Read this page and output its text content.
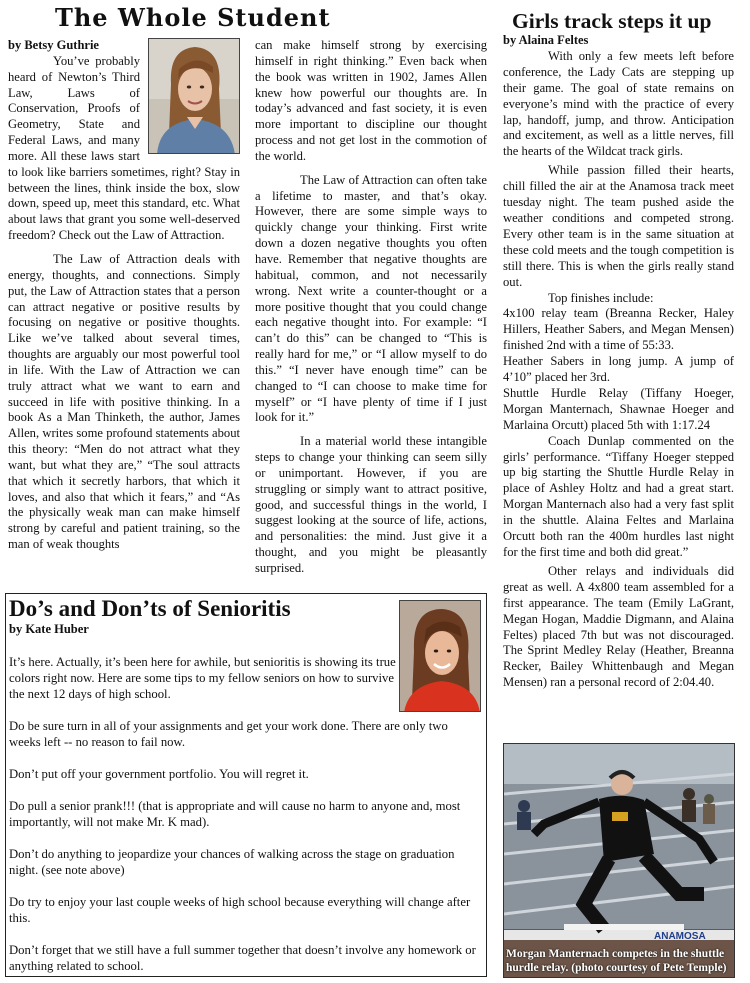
The Whole Student
by Betsy Guthrie

You’ve probably heard of Newton’s Third Law, Laws of Conservation, Proofs of Geometry, State and Federal Laws, and many more. All these laws start to look like barriers sometimes, right? Stay in between the lines, think inside the box, slow down, speed up, meet this standard, etc. What about laws that grant you some well-deserved freedom? Check out the Law of Attraction.

The Law of Attraction deals with energy, thoughts, and connections. Simply put, the Law of Attraction states that a person can attract negative or positive results by focusing on negative or positive thoughts. Like we’ve talked about several times, thoughts are arguably our most powerful tool in life. With the Law of Attraction we can truly attract what we want to earn and succeed in life with positive thinking. In a book As a Man Thinketh, the author, James Allen, writes some profound statements about this theory: “Men do not attract what they want, but what they are,” “The soul attracts that which it secretly harbors, that which it loves, and also that which it fears,” and “As the physically weak man can make himself strong by careful and patient training, so the man of weak thoughts

can make himself strong by exercising himself in right thinking.” Even back when the book was written in 1902, James Allen knew how powerful our thoughts are. In today’s advanced and fast society, it is even more important to discipline our thought process and not get lost in the commotion of the world.

The Law of Attraction can often take a lifetime to master, and that’s okay. However, there are some simple ways to quickly change your thinking. First write down a dozen negative thoughts you often have. Remember that negative thoughts are habitual, common, and not necessarily wrong. Next write a counter-thought or a more positive thought that you could change each negative thought into. For example: “I can’t do this” can be changed to “This is really hard for me,” or “I allow myself to do this.” “I never have enough time” can be changed to “I can choose to make time for myself” or “I have plenty of time if I just look for it.”

In a material world these intangible steps to change your thinking can seem silly or unimportant. However, if you are struggling or simply want to attract positive, good, and successful things in the world, I suggest looking at the source of life, actions, and personalities: the mind. Just give it a thought, and you might be pleasantly surprised.

Girls track steps it up
by Alaina Feltes

With only a few meets left before conference, the Lady Cats are stepping up their game. The goal of state remains on everyone’s mind with the practice of every lap, handoff, jump, and throw. Anticipation and excitement, as well as a little nerves, fill the hearts of the Wildcat track girls.

While passion filled their hearts, chill filled the air at the Anamosa track meet tuesday night. The team pushed aside the weather conditions and competed strong. Every other team is in the same situation at these cold meets and the tough competition is still there. This is when the girls really stand out.

Top finishes include:

4x100 relay team (Breanna Recker, Haley Hillers, Heather Sabers, and Megan Mensen) finished 2nd with a time of 55:33.

Heather Sabers in long jump. A jump of 4’10” placed her 3rd.

Shuttle Hurdle Relay (Tiffany Hoeger, Morgan Manternach, Shawnae Hoeger and Marlaina Orcutt) placed 5th with 1:17.24

Coach Dunlap commented on the girls’ performance. “Tiffany Hoeger stepped up big starting the Shuttle Hurdle Relay in place of Ashley Holtz and had a great start. Morgan Manternach also had a very fast split in the shuttle. Alaina Feltes and Marlaina Orcutt both ran the 400m hurdles last night for the first time and both did great.”

Other relays and individuals did great as well. A 4x800 team assembled for a first appearance. The team (Emily LaGrant, Megan Hogan, Maddie Digmann, and Alaina Feltes) placed 7th but was not discouraged. The Sprint Medley Relay (Heather, Breanna Recker, Bailey Whittenbaugh and Megan Mensen) ran a personal record of 2:04.40.

ANAMOSA
Morgan Manternach competes in the shuttle hurdle relay. (photo courtesy of Pete Temple)
Do’s and Don’ts of Senioritis
by Kate Huber

It’s here. Actually, it’s been here for awhile, but senioritis is showing its true colors right now. Here are some tips to my fellow seniors on how to survive the next 12 days of high school.

Do be sure turn in all of your assignments and get your work done. There are only two weeks left -- no reason to fail now.

Don’t put off your government portfolio. You will regret it.

Do pull a senior prank!!! (that is appropriate and will cause no harm to anyone and, most importantly, will not make Mr. K mad).

Don’t do anything to jeopardize your chances of walking across the stage on graduation night. (see note above)

Do try to enjoy your last couple weeks of high school because everything will change after this.

Don’t forget that we still have a full summer together that doesn’t involve any homework or anything related to school.
